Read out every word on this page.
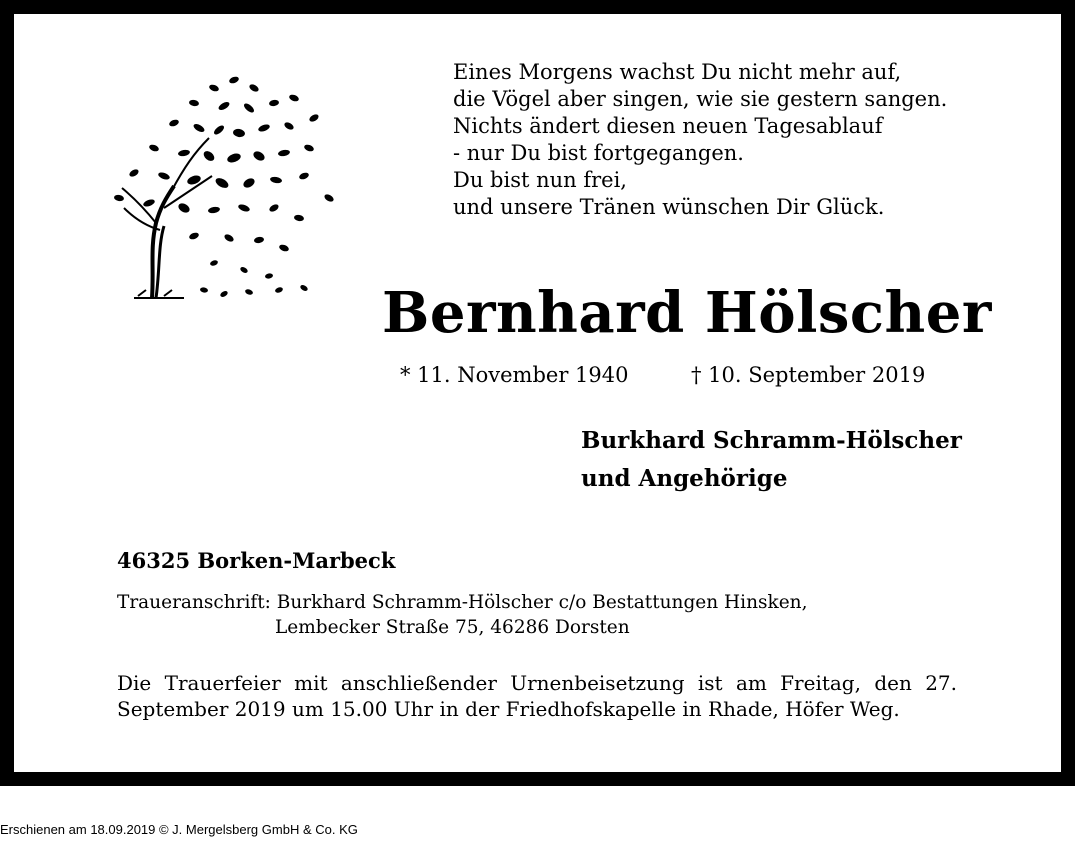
Eines Morgens wachst Du nicht mehr auf,
die Vögel aber singen, wie sie gestern sangen.
Nichts ändert diesen neuen Tagesablauf
- nur Du bist fortgegangen.
Du bist nun frei,
und unsere Tränen wünschen Dir Glück.
Bernhard Hölscher
* 11. November 1940	† 10. September 2019
Burkhard Schramm-Hölscher
und Angehörige
46325 Borken-Marbeck
Traueranschrift: Burkhard Schramm-Hölscher c/o Bestattungen Hinsken,
Lembecker Straße 75, 46286 Dorsten
Die Trauerfeier mit anschließender Urnenbeisetzung ist am Freitag, den 27. September 2019 um 15.00 Uhr in der Friedhofskapelle in Rhade, Höfer Weg.
Erschienen am 18.09.2019 © J. Mergelsberg GmbH & Co. KG
